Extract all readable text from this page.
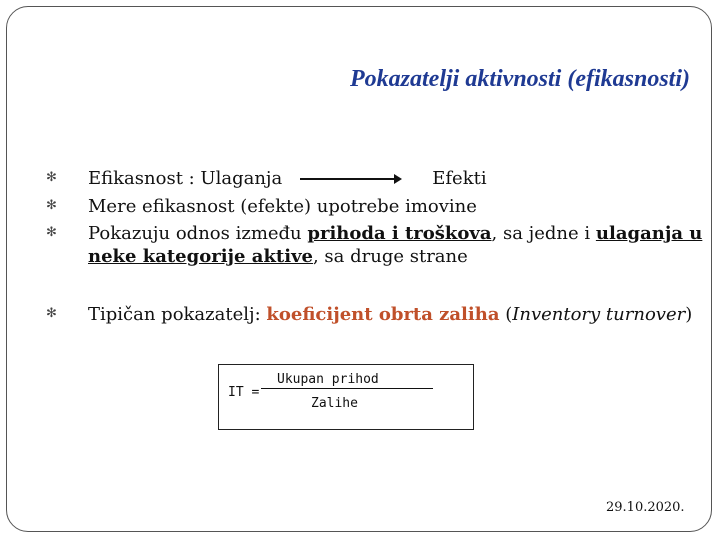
Pokazatelji aktivnosti (efikasnosti)
✻ Efikasnost : Ulaganja	Efekti
✻ Mere efikasnost (efekte) upotrebe imovine
✻ Pokazuju odnos između prihoda i troškova, sa jedne i ulaganja u neke kategorije aktive, sa druge strane
✻ Tipičan pokazatelj: koeficijent obrta zaliha (Inventory turnover)
IT =
Ukupan prihod
Zalihe
29.10.2020.
